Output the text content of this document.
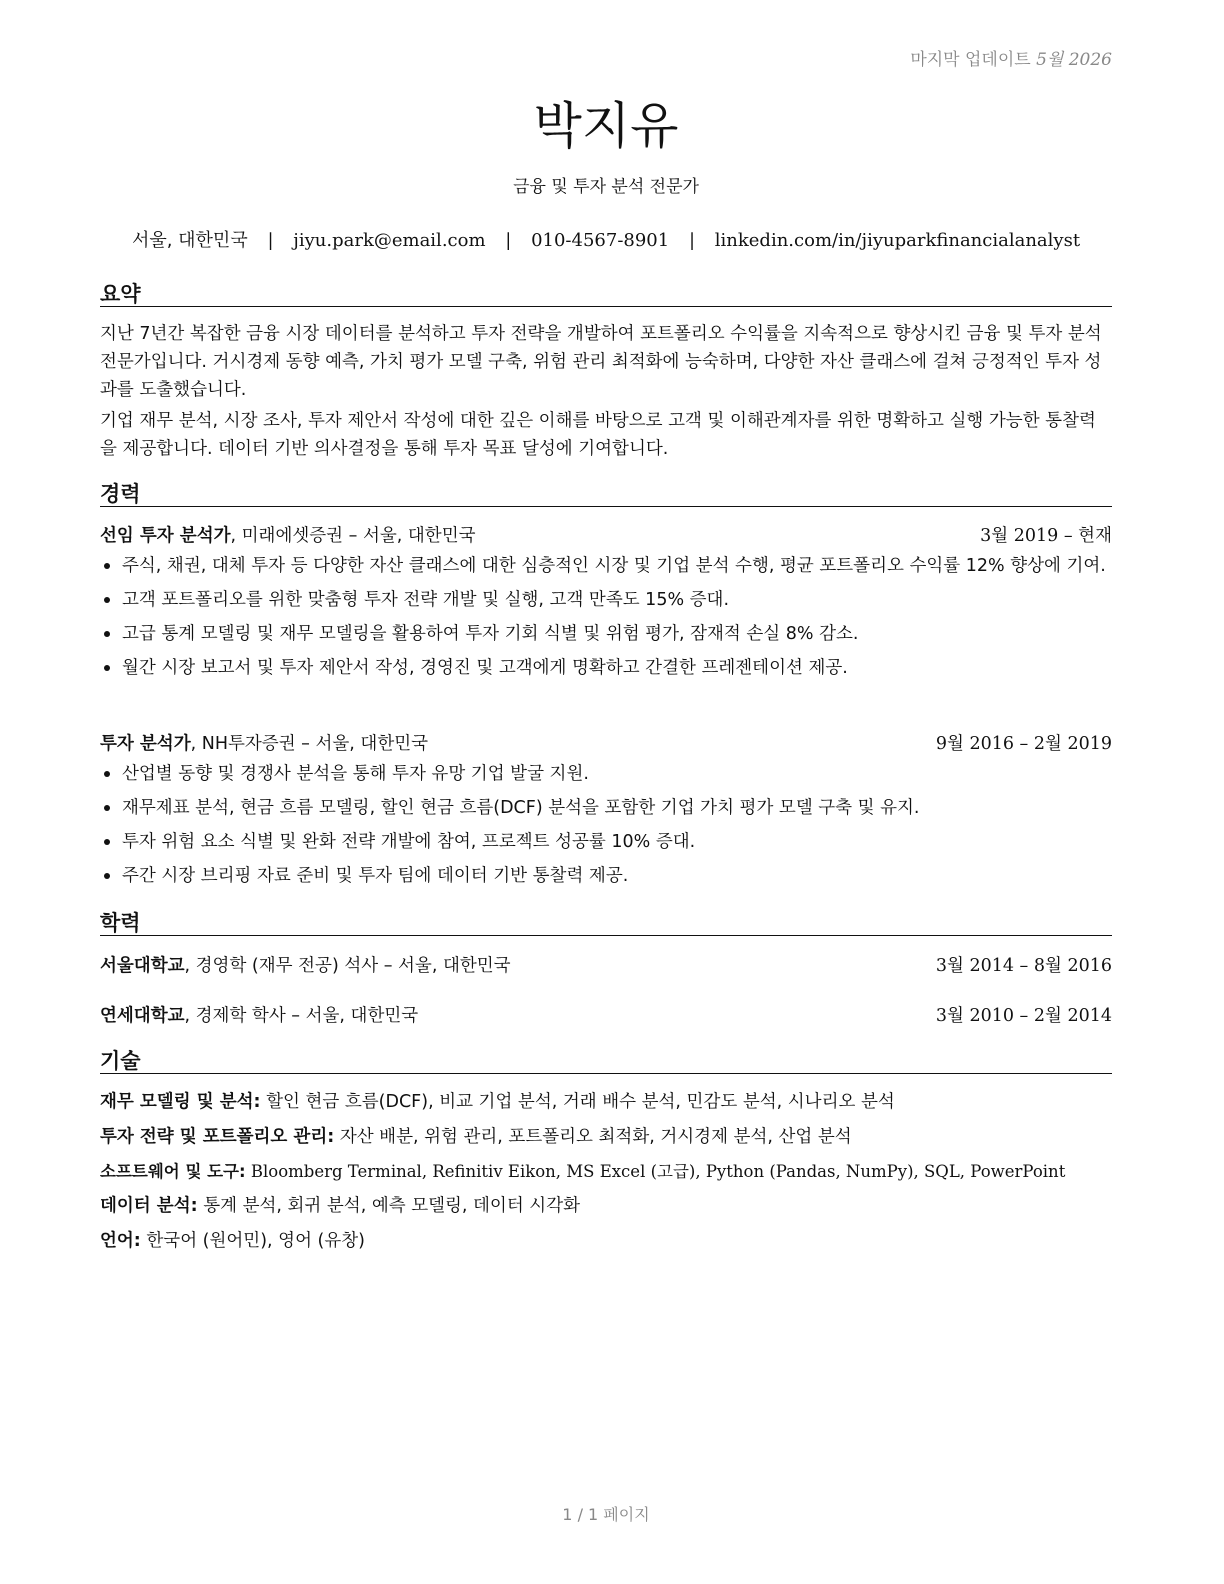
마지막 업데이트 5월 2026
박지유
금융 및 투자 분석 전문가
서울, 대한민국 | jiyu.park@email.com | 010-4567-8901 | linkedin.com/in/jiyuparkfinancialanalyst
요약

지난 7년간 복잡한 금융 시장 데이터를 분석하고 투자 전략을 개발하여 포트폴리오 수익률을 지속적으로 향상시킨 금융 및 투자 분석 전문가입니다. 거시경제 동향 예측, 가치 평가 모델 구축, 위험 관리 최적화에 능숙하며, 다양한 자산 클래스에 걸쳐 긍정적인 투자 성과를 도출했습니다.

기업 재무 분석, 시장 조사, 투자 제안서 작성에 대한 깊은 이해를 바탕으로 고객 및 이해관계자를 위한 명확하고 실행 가능한 통찰력을 제공합니다. 데이터 기반 의사결정을 통해 투자 목표 달성에 기여합니다.

경력
선임 투자 분석가, 미래에셋증권 – 서울, 대한민국	3월 2019 – 현재
주식, 채권, 대체 투자 등 다양한 자산 클래스에 대한 심층적인 시장 및 기업 분석 수행, 평균 포트폴리오 수익률 12% 향상에 기여.
고객 포트폴리오를 위한 맞춤형 투자 전략 개발 및 실행, 고객 만족도 15% 증대.
고급 통계 모델링 및 재무 모델링을 활용하여 투자 기회 식별 및 위험 평가, 잠재적 손실 8% 감소.
월간 시장 보고서 및 투자 제안서 작성, 경영진 및 고객에게 명확하고 간결한 프레젠테이션 제공.
투자 분석가, NH투자증권 – 서울, 대한민국	9월 2016 – 2월 2019
산업별 동향 및 경쟁사 분석을 통해 투자 유망 기업 발굴 지원.
재무제표 분석, 현금 흐름 모델링, 할인 현금 흐름(DCF) 분석을 포함한 기업 가치 평가 모델 구축 및 유지.
투자 위험 요소 식별 및 완화 전략 개발에 참여, 프로젝트 성공률 10% 증대.
주간 시장 브리핑 자료 준비 및 투자 팀에 데이터 기반 통찰력 제공.
학력
서울대학교, 경영학 (재무 전공) 석사 – 서울, 대한민국	3월 2014 – 8월 2016
연세대학교, 경제학 학사 – 서울, 대한민국	3월 2010 – 2월 2014
기술
재무 모델링 및 분석: 할인 현금 흐름(DCF), 비교 기업 분석, 거래 배수 분석, 민감도 분석, 시나리오 분석
투자 전략 및 포트폴리오 관리: 자산 배분, 위험 관리, 포트폴리오 최적화, 거시경제 분석, 산업 분석
소프트웨어 및 도구: Bloomberg Terminal, Refinitiv Eikon, MS Excel (고급), Python (Pandas, NumPy), SQL, PowerPoint
데이터 분석: 통계 분석, 회귀 분석, 예측 모델링, 데이터 시각화
언어: 한국어 (원어민), 영어 (유창)
1 / 1 페이지
